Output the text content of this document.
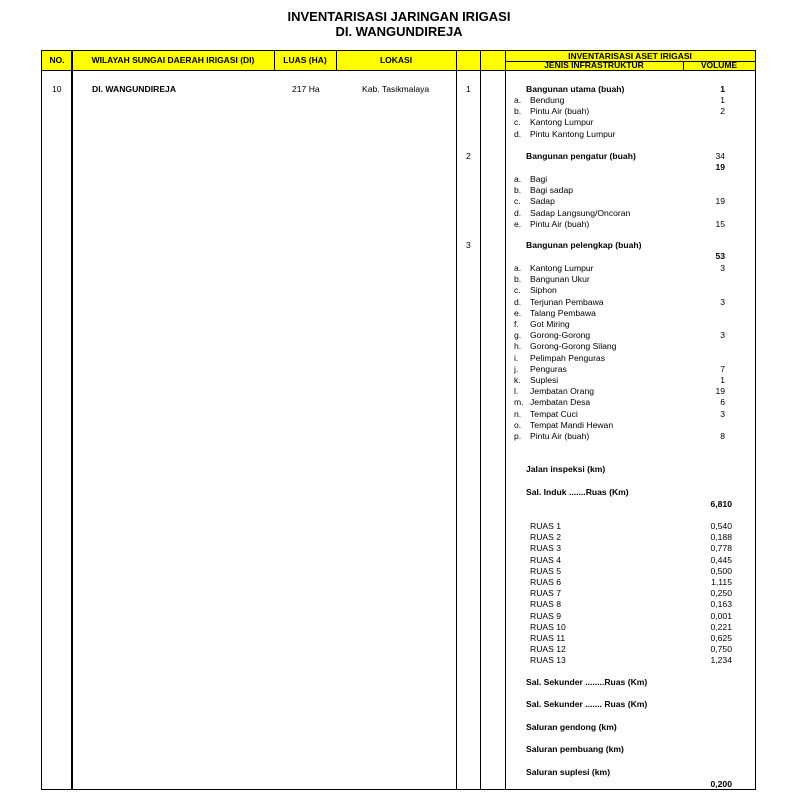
INVENTARISASI JARINGAN IRIGASI
DI. WANGUNDIREJA
NO.	WILAYAH SUNGAI DAERAH IRIGASI (DI)	LUAS (HA)	LOKASI	INVENTARISASI ASET IRIGASI
JENIS INFRASTRUKTUR	VOLUME
10	DI. WANGUNDIREJA	217 Ha	Kab. Tasikmalaya	1	Bangunan utama (buah)	1
a. Bendung	1
b. Pintu Air (buah)	2
c. Kantong Lumpur
d. Pintu Kantong Lumpur
2	Bangunan pengatur (buah)	34
19
a. Bagi
b. Bagi sadap
c. Sadap	19
d. Sadap Langsung/Oncoran
e. Pintu Air (buah)	15
3	Bangunan pelengkap (buah)
53
a. Kantong Lumpur	3
b. Bangunan Ukur
c. Siphon
d. Terjunan Pembawa	3
e. Talang Pembawa
f. Got Miring
g. Gorong-Gorong	3
h. Gorong-Gorong Silang
i. Pelimpah Penguras
j. Penguras	7
k. Suplesi	1
l. Jembatan Orang	19
m. Jembatan Desa	6
n. Tempat Cuci	3
o. Tempat Mandi Hewan
p. Pintu Air (buah)	8
Jalan inspeksi (km)
Sal. Induk .......Ruas (Km)
6,810
RUAS 1	0,540
RUAS 2	0,188
RUAS 3	0,778
RUAS 4	0,445
RUAS 5	0,500
RUAS 6	1,115
RUAS 7	0,250
RUAS 8	0,163
RUAS 9	0,001
RUAS 10	0,221
RUAS 11	0,625
RUAS 12	0,750
RUAS 13	1,234
Sal. Sekunder ........Ruas (Km)
Sal. Sekunder ....... Ruas (Km)
Saluran gendong (km)
Saluran pembuang (km)
Saluran suplesi (km)
0,200
